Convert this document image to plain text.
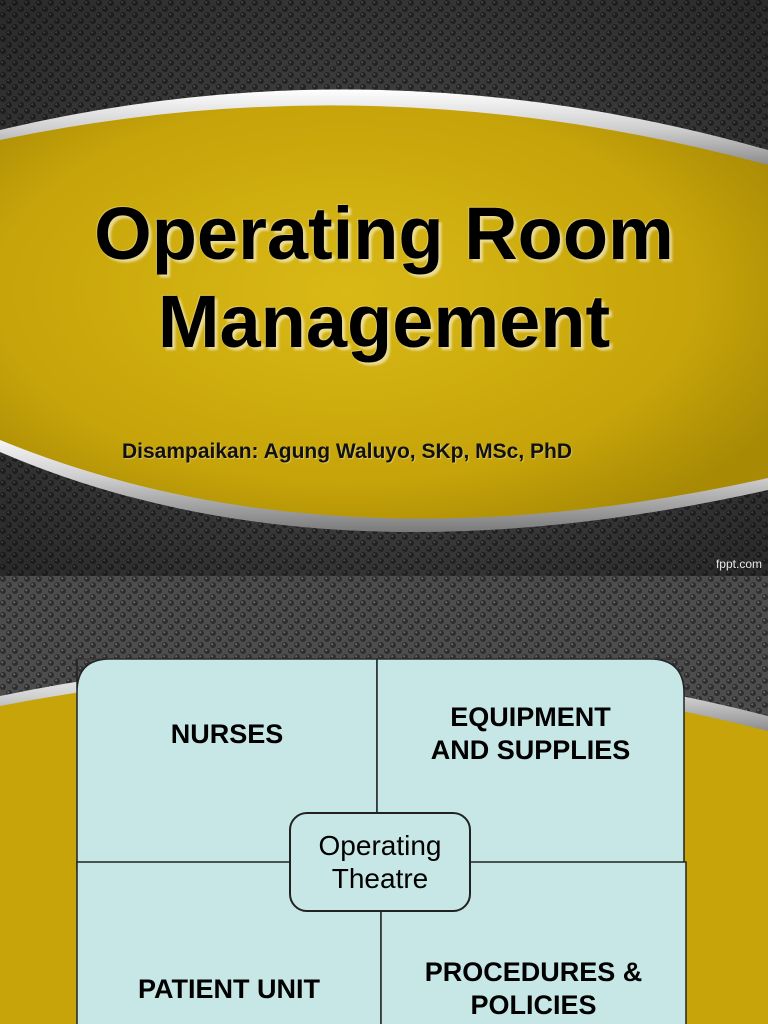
Operating Room
Management
Disampaikan: Agung Waluyo, SKp, MSc, PhD
fppt.com
NURSES
EQUIPMENT
AND SUPPLIES
PATIENT UNIT
PROCEDURES &
POLICIES
Operating
Theatre
